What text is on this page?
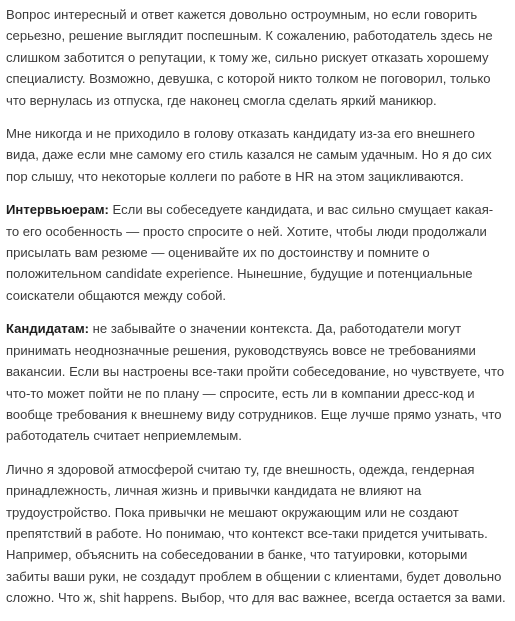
Вопрос интересный и ответ кажется довольно остроумным, но если говорить серьезно, решение выглядит поспешным. К сожалению, работодатель здесь не слишком заботится о репутации, к тому же, сильно рискует отказать хорошему специалисту. Возможно, девушка, с которой никто толком не поговорил, только что вернулась из отпуска, где наконец смогла сделать яркий маникюр.

Мне никогда и не приходило в голову отказать кандидату из-за его внешнего вида, даже если мне самому его стиль казался не самым удачным. Но я до сих пор слышу, что некоторые коллеги по работе в HR на этом зацикливаются.

Интервьюерам: Если вы собеседуете кандидата, и вас сильно смущает какая-то его особенность — просто спросите о ней. Хотите, чтобы люди продолжали присылать вам резюме — оценивайте их по достоинству и помните о положительном candidate experience. Нынешние, будущие и потенциальные соискатели общаются между собой.

Кандидатам: не забывайте о значении контекста. Да, работодатели могут принимать неоднозначные решения, руководствуясь вовсе не требованиями вакансии. Если вы настроены все-таки пройти собеседование, но чувствуете, что что-то может пойти не по плану — спросите, есть ли в компании дресс-код и вообще требования к внешнему виду сотрудников. Еще лучше прямо узнать, что работодатель считает неприемлемым.

Лично я здоровой атмосферой считаю ту, где внешность, одежда, гендерная принадлежность, личная жизнь и привычки кандидата не влияют на трудоустройство. Пока привычки не мешают окружающим или не создают препятствий в работе. Но понимаю, что контекст все-таки придется учитывать. Например, объяснить на собеседовании в банке, что татуировки, которыми забиты ваши руки, не создадут проблем в общении с клиентами, будет довольно сложно. Что ж, shit happens. Выбор, что для вас важнее, всегда остается за вами.
